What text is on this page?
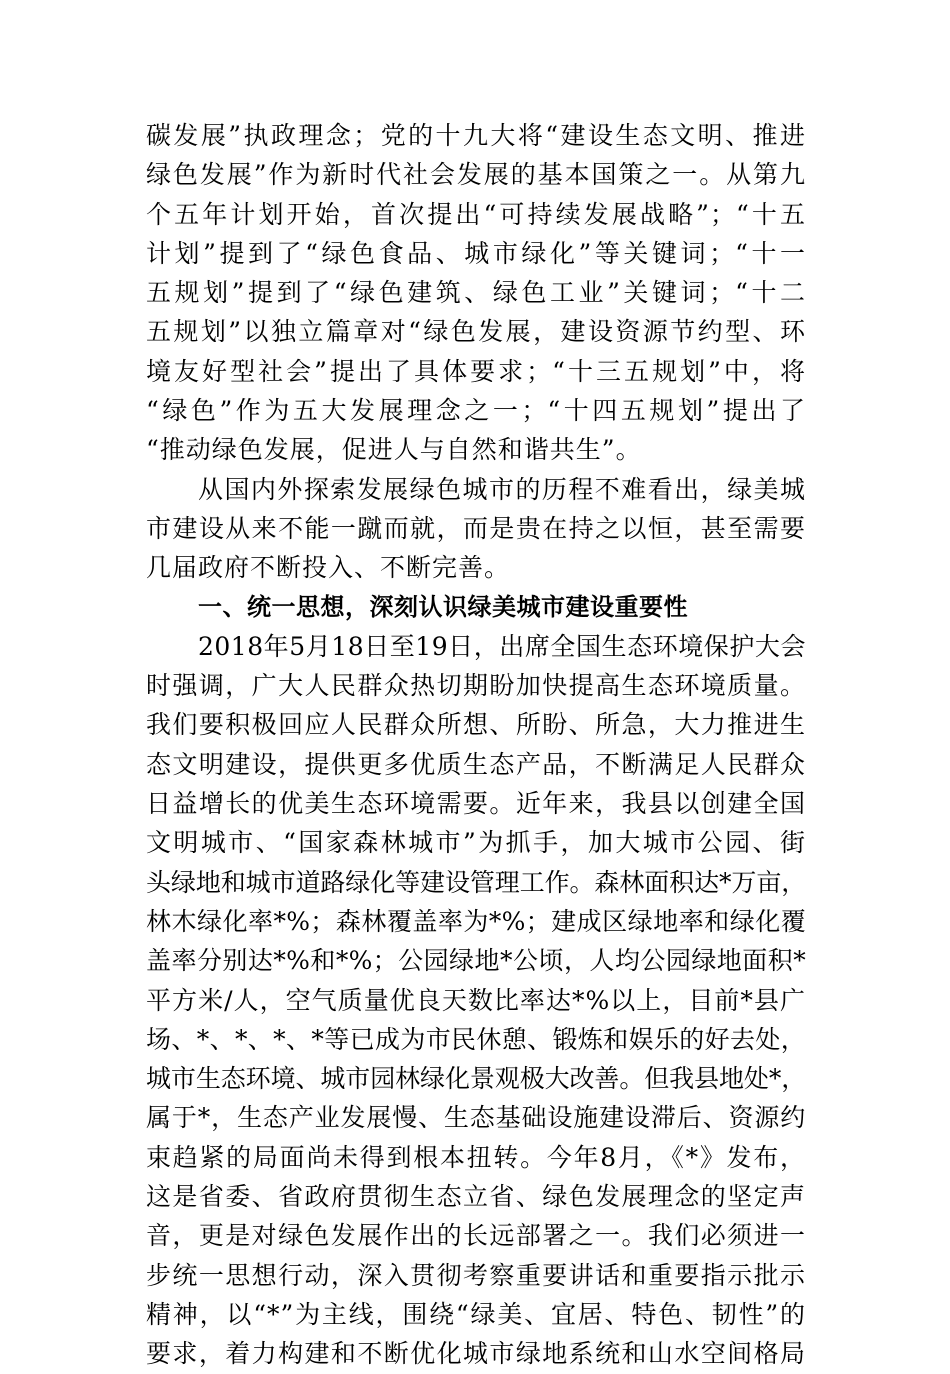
碳发展”执政理念；党的十九大将“建设生态文明、推进
绿色发展”作为新时代社会发展的基本国策之一。从第九
个五年计划开始，首次提出“可持续发展战略”；“十五
计划”提到了“绿色食品、城市绿化”等关键词；“十一
五规划”提到了“绿色建筑、绿色工业”关键词；“十二
五规划”以独立篇章对“绿色发展，建设资源节约型、环
境友好型社会”提出了具体要求；“十三五规划”中，将
“绿色”作为五大发展理念之一；“十四五规划”提出了
“推动绿色发展，促进人与自然和谐共生”。
从国内外探索发展绿色城市的历程不难看出，绿美城
市建设从来不能一蹴而就，而是贵在持之以恒，甚至需要
几届政府不断投入、不断完善。
一、统一思想，深刻认识绿美城市建设重要性
2018年5月18日至19日，出席全国生态环境保护大会
时强调，广大人民群众热切期盼加快提高生态环境质量。
我们要积极回应人民群众所想、所盼、所急，大力推进生
态文明建设，提供更多优质生态产品，不断满足人民群众
日益增长的优美生态环境需要。近年来，我县以创建全国
文明城市、“国家森林城市”为抓手，加大城市公园、街
头绿地和城市道路绿化等建设管理工作。森林面积达*万亩，
林木绿化率*%；森林覆盖率为*%；建成区绿地率和绿化覆
盖率分别达*%和*%；公园绿地*公顷，人均公园绿地面积*
平方米/人，空气质量优良天数比率达*%以上，目前*县广
场、*、*、*、*等已成为市民休憩、锻炼和娱乐的好去处，
城市生态环境、城市园林绿化景观极大改善。但我县地处*，
属于*，生态产业发展慢、生态基础设施建设滞后、资源约
束趋紧的局面尚未得到根本扭转。今年8月，《*》发布，
这是省委、省政府贯彻生态立省、绿色发展理念的坚定声
音，更是对绿色发展作出的长远部署之一。我们必须进一
步统一思想行动，深入贯彻考察重要讲话和重要指示批示
精神，以“*”为主线，围绕“绿美、宜居、特色、韧性”的
要求，着力构建和不断优化城市绿地系统和山水空间格局
